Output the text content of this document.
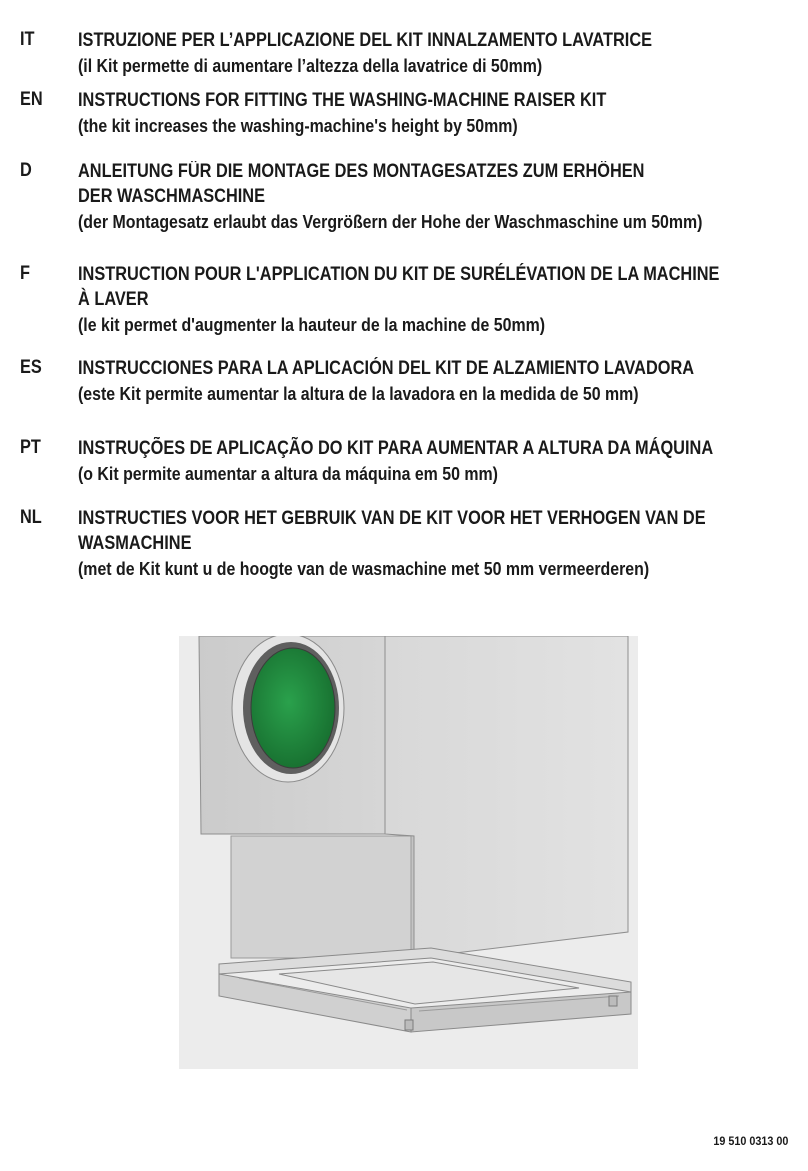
IT ISTRUZIONE PER L’APPLICAZIONE DEL KIT INNALZAMENTO LAVATRICE
(il Kit permette di aumentare l’altezza della lavatrice di 50mm)
EN INSTRUCTIONS FOR FITTING THE WASHING-MACHINE RAISER KIT
(the kit increases the washing-machine's height by 50mm)
D ANLEITUNG FÜR DIE MONTAGE DES MONTAGESATZES ZUM ERHÖHEN
DER WASCHMASCHINE
(der Montagesatz erlaubt das Vergrößern der Hohe der Waschmaschine um 50mm)
F	INSTRUCTION POUR L'APPLICATION DU KIT DE SURÉLÉVATION DE LA MACHINE
À LAVER
(le kit permet d'augmenter la hauteur de la machine de 50mm)
ES INSTRUCCIONES PARA LA APLICACIÓN DEL KIT DE ALZAMIENTO LAVADORA
(este Kit permite aumentar la altura de la lavadora en la medida de 50 mm)
PT INSTRUÇÕES DE APLICAÇÃO DO KIT PARA AUMENTAR A ALTURA DA MÁQUINA
(o Kit permite aumentar a altura da máquina em 50 mm)
NL INSTRUCTIES VOOR HET GEBRUIK VAN DE KIT VOOR HET VERHOGEN VAN DE
WASMACHINE
(met de Kit kunt u de hoogte van de wasmachine met 50 mm vermeerderen)
19 510 0313 00
